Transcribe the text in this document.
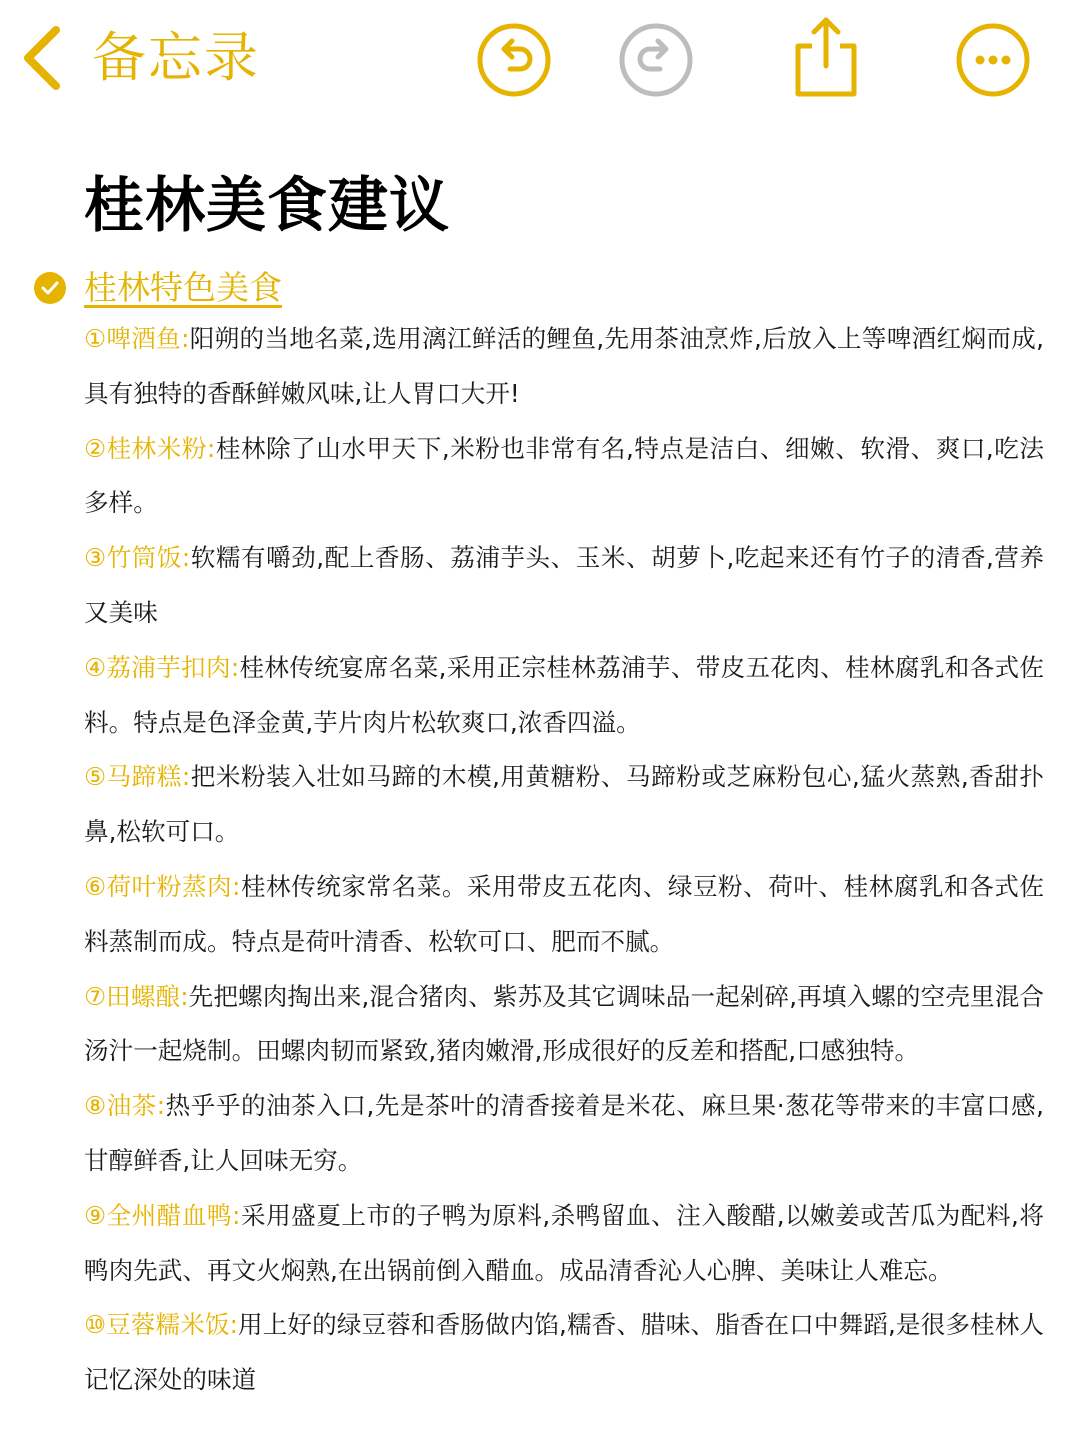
备忘录
桂林美食建议
桂林特色美食
①啤酒鱼:阳朔的当地名菜,选用漓江鲜活的鲤鱼,先用茶油烹炸,后放入上等啤酒红焖而成,具有独特的香酥鲜嫩风味,让人胃口大开!
②桂林米粉:桂林除了山水甲天下,米粉也非常有名,特点是洁白、细嫩、软滑、爽口,吃法多样。
③竹筒饭:软糯有嚼劲,配上香肠、荔浦芋头、玉米、胡萝卜,吃起来还有竹子的清香,营养又美味
④荔浦芋扣肉:桂林传统宴席名菜,采用正宗桂林荔浦芋、带皮五花肉、桂林腐乳和各式佐料。特点是色泽金黄,芋片肉片松软爽口,浓香四溢。
⑤马蹄糕:把米粉装入壮如马蹄的木模,用黄糖粉、马蹄粉或芝麻粉包心,猛火蒸熟,香甜扑鼻,松软可口。
⑥荷叶粉蒸肉:桂林传统家常名菜。采用带皮五花肉、绿豆粉、荷叶、桂林腐乳和各式佐料蒸制而成。特点是荷叶清香、松软可口、肥而不腻。
⑦田螺酿:先把螺肉掏出来,混合猪肉、紫苏及其它调味品一起剁碎,再填入螺的空壳里混合汤汁一起烧制。田螺肉韧而紧致,猪肉嫩滑,形成很好的反差和搭配,口感独特。
⑧油茶:热乎乎的油茶入口,先是茶叶的清香接着是米花、麻旦果·葱花等带来的丰富口感,甘醇鲜香,让人回味无穷。
⑨全州醋血鸭:采用盛夏上市的子鸭为原料,杀鸭留血、注入酸醋,以嫩姜或苦瓜为配料,将鸭肉先武、再文火焖熟,在出锅前倒入醋血。成品清香沁人心脾、美味让人难忘。
⑩豆蓉糯米饭:用上好的绿豆蓉和香肠做内馅,糯香、腊味、脂香在口中舞蹈,是很多桂林人记忆深处的味道
